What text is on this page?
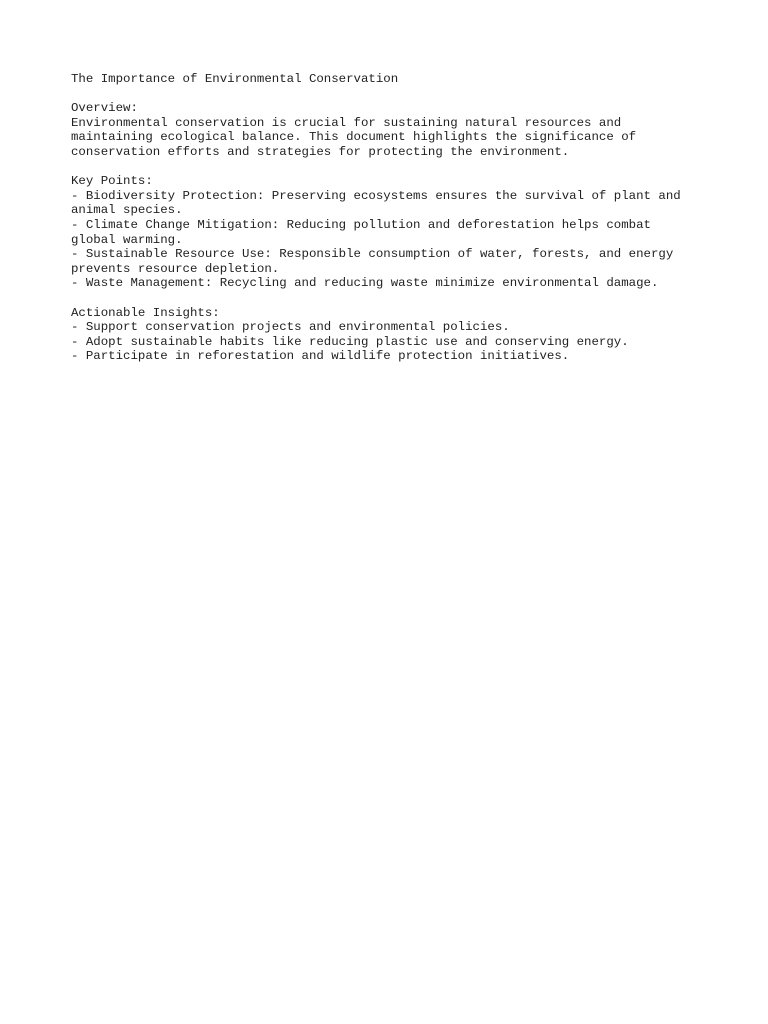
The Importance of Environmental Conservation
Overview:
Environmental conservation is crucial for sustaining natural resources and
maintaining ecological balance. This document highlights the significance of
conservation efforts and strategies for protecting the environment.
Key Points:
- Biodiversity Protection: Preserving ecosystems ensures the survival of plant and
animal species.
- Climate Change Mitigation: Reducing pollution and deforestation helps combat
global warming.
- Sustainable Resource Use: Responsible consumption of water, forests, and energy
prevents resource depletion.
- Waste Management: Recycling and reducing waste minimize environmental damage.
Actionable Insights:
- Support conservation projects and environmental policies.
- Adopt sustainable habits like reducing plastic use and conserving energy.
- Participate in reforestation and wildlife protection initiatives.
